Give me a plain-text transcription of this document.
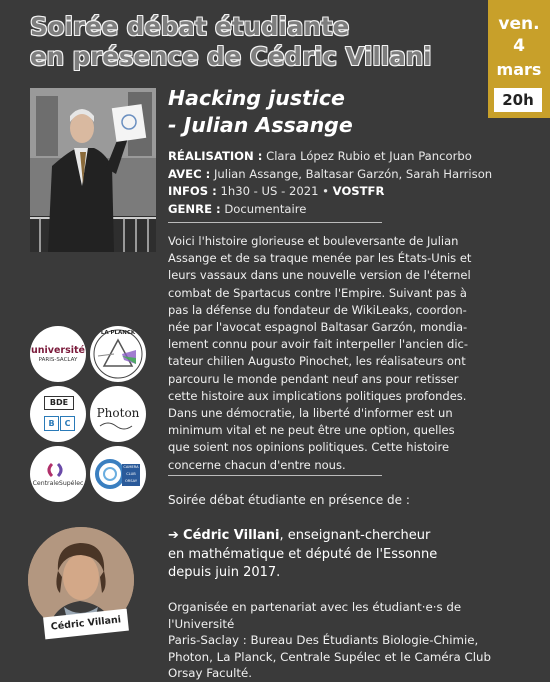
Soirée débat étudiante
en présence de Cédric Villani
ven.
4
mars
20h
Hacking justice
- Julian Assange
RÉALISATION : Clara López Rubio et Juan Pancorbo
AVEC : Julian Assange, Baltasar Garzón, Sarah Harrison
INFOS : 1h30 - US - 2021 • VOSTFR
GENRE : Documentaire
Voici l'histoire glorieuse et bouleversante de Julian
Assange et de sa traque menée par les États-Unis et
leurs vassaux dans une nouvelle version de l'éternel
combat de Spartacus contre l'Empire. Suivant pas à
pas la défense du fondateur de WikiLeaks, coordon-
née par l'avocat espagnol Baltasar Garzón, mondia-
lement connu pour avoir fait interpeller l'ancien dic-
tateur chilien Augusto Pinochet, les réalisateurs ont
parcouru le monde pendant neuf ans pour retisser
cette histoire aux implications politiques profondes.
Dans une démocratie, la liberté d'informer est un
minimum vital et ne peut être une option, quelles
que soient nos opinions politiques. Cette histoire
concerne chacun d'entre nous.
université
PARIS-SACLAY
LA PLANCK
BDE
B	C
Photon
CentraleSupélec
CAMERA
CLUB
ORSAY
Soirée débat étudiante en présence de :
➔ Cédric Villani, enseignant-chercheur
en mathématique et député de l'Essonne
depuis juin 2017.
Organisée en partenariat avec les étudiant·e·s de l'Université
Paris-Saclay : Bureau Des Étudiants Biologie-Chimie,
Photon, La Planck, Centrale Supélec et le Caméra Club
Orsay Faculté.
Cédric Villani
